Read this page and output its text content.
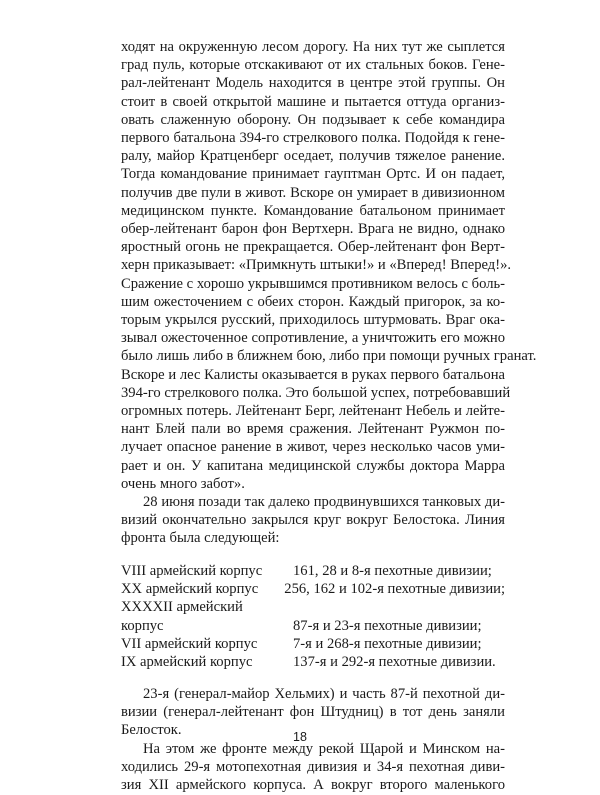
ходят на окруженную лесом дорогу. На них тут же сыплется
град пуль, которые отскакивают от их стальных боков. Гене-
рал-лейтенант Модель находится в центре этой группы. Он
стоит в своей открытой машине и пытается оттуда организ-
овать слаженную оборону. Он подзывает к себе командира
первого батальона 394-го стрелкового полка. Подойдя к гене-
ралу, майор Кратценберг оседает, получив тяжелое ранение.
Тогда командование принимает гауптман Ортс. И он падает,
получив две пули в живот. Вскоре он умирает в дивизионном
медицинском пункте. Командование батальоном принимает
обер-лейтенант барон фон Вертхерн. Врага не видно, однако
яростный огонь не прекращается. Обер-лейтенант фон Верт-
херн приказывает: «Примкнуть штыки!» и «Вперед! Вперед!».
Сражение с хорошо укрывшимся противником велось с боль-
шим ожесточением с обеих сторон. Каждый пригорок, за ко-
торым укрылся русский, приходилось штурмовать. Враг ока-
зывал ожесточенное сопротивление, а уничтожить его можно
было лишь либо в ближнем бою, либо при помощи ручных гранат.
Вскоре и лес Калисты оказывается в руках первого батальона
394-го стрелкового полка. Это большой успех, потребовавший
огромных потерь. Лейтенант Берг, лейтенант Небель и лейте-
нант Блей пали во время сражения. Лейтенант Ружмон по-
лучает опасное ранение в живот, через несколько часов уми-
рает и он. У капитана медицинской службы доктора Марра
очень много забот».
28 июня позади так далеко продвинувшихся танковых ди-
визий окончательно закрылся круг вокруг Белостока. Линия
фронта была следующей:
18
VIII армейский корпус	161, 28 и 8-я пехотные дивизии;
XX армейский корпус	256, 162 и 102-я пехотные дивизии;
XXXXII армейский
корпус	87-я и 23-я пехотные дивизии;
VII армейский корпус	7-я и 268-я пехотные дивизии;
IX армейский корпус	137-я и 292-я пехотные дивизии.
23-я (генерал-майор Хельмих) и часть 87-й пехотной ди-
визии (генерал-лейтенант фон Штудниц) в тот день заняли
Белосток.
На этом же фронте между рекой Щарой и Минском на-
ходились 29-я мотопехотная дивизия и 34-я пехотная диви-
зия XII армейского корпуса. А вокруг второго маленького
